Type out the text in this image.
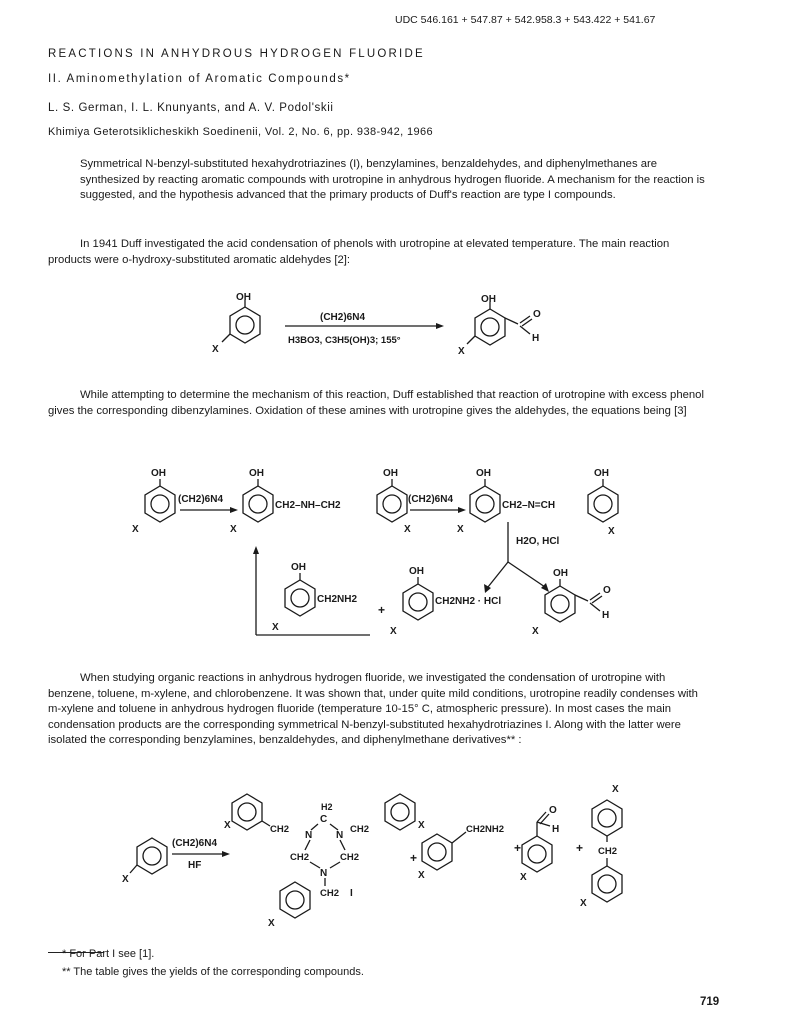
UDC 546.161 + 547.87 + 542.958.3 + 543.422 + 541.67
REACTIONS IN ANHYDROUS HYDROGEN FLUORIDE
II. Aminomethylation of Aromatic Compounds*
L. S. German, I. L. Knunyants, and A. V. Podol'skii
Khimiya Geterotsiklicheskikh Soedinenii, Vol. 2, No. 6, pp. 938-942, 1966
Symmetrical N-benzyl-substituted hexahydrotriazines (I), benzylamines, benzaldehydes, and diphenylmethanes are synthesized by reacting aromatic compounds with urotropine in anhydrous hydrogen fluoride. A mechanism for the reaction is suggested, and the hypothesis advanced that the primary products of Duff's reaction are type I compounds.
In 1941 Duff investigated the acid condensation of phenols with urotropine at elevated temperature. The main reaction products were o-hydroxy-substituted aromatic aldehydes [2]:
OH
X
(CH2)6N4
H3BO3, C3H5(OH)3; 155°
OH
X
O
H
While attempting to determine the mechanism of this reaction, Duff established that reaction of urotropine with excess phenol gives the corresponding dibenzylamines. Oxidation of these amines with urotropine gives the aldehydes, the equations being [3]
OH
X
(CH2)6N4
OH
X
CH2–NH–CH2
OH
X
(CH2)6N4
OH
X
CH2–N=CH
OH
X
H2O, HCl
OH
X
CH2NH2
+
OH
X
CH2NH2 · HCl
OH
X
O
H
When studying organic reactions in anhydrous hydrogen fluoride, we investigated the condensation of urotropine with benzene, toluene, m-xylene, and chlorobenzene. It was shown that, under quite mild conditions, urotropine readily condenses with m-xylene and toluene in anhydrous hydrogen fluoride (temperature 10-15° C, atmospheric pressure). In most cases the main condensation products are the corresponding symmetrical N-benzyl-substituted hexahydrotriazines I. Along with the latter were isolated the corresponding benzylamines, benzaldehydes, and diphenylmethane derivatives** :
X
(CH2)6N4
HF
X	CH2
H2
C
N N
CH2	CH2
N
CH2	X
CH2 I
X
+
X
CH2NH2
+
X
O
H
+
X
CH2
X
* For Part I see [1].
** The table gives the yields of the corresponding compounds.
719
